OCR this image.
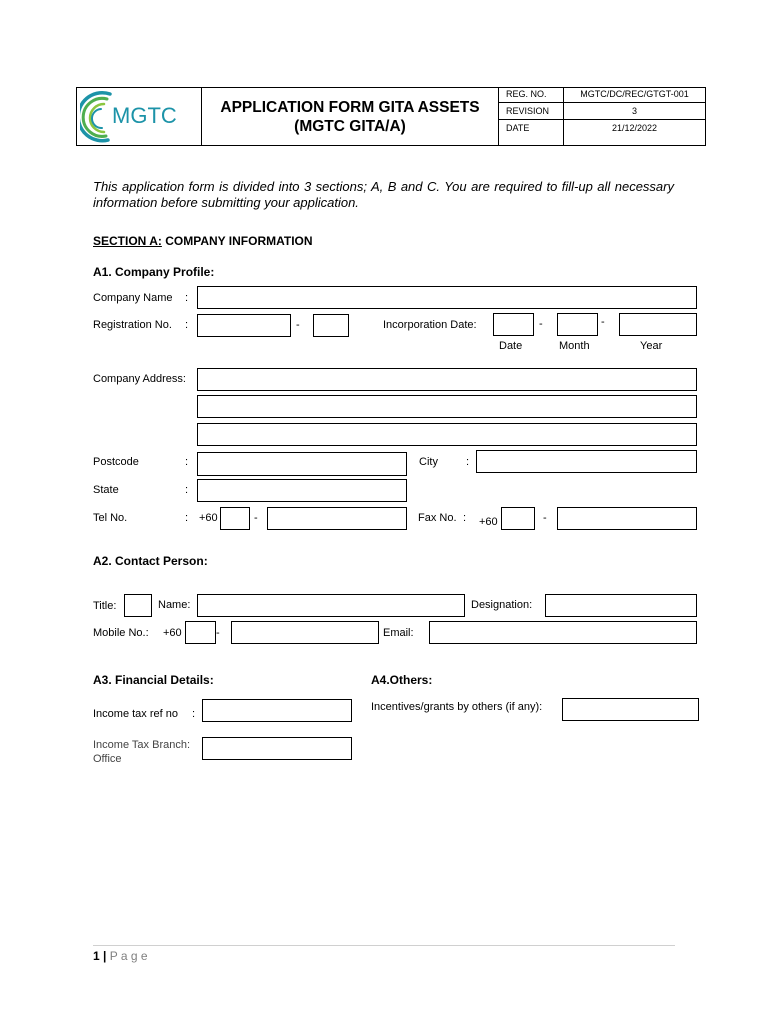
MGTC	APPLICATION FORM GITA ASSETS (MGTC GITA/A)
REG. NO.	MGTC/DC/REC/GTGT-001
REVISION	3
DATE	21/12/2022
This application form is divided into 3 sections; A, B and C. You are required to fill-up all necessary information before submitting your application.
SECTION A: COMPANY INFORMATION
A1. Company Profile:
Company Name :
Registration No. :	-	Incorporation Date:	-	-
Date	Month	Year
Company Address:
Postcode	:	City	:
State	:
Tel No.	: +60	-	Fax No. : +60	-
A2. Contact Person:
Title:	Name:	Designation:
Mobile No.: +60	-	Email:
A3. Financial Details:
Income tax ref no :
Income Tax Branch:
Office
A4.Others:
Incentives/grants by others (if any):
1 | P a g e
